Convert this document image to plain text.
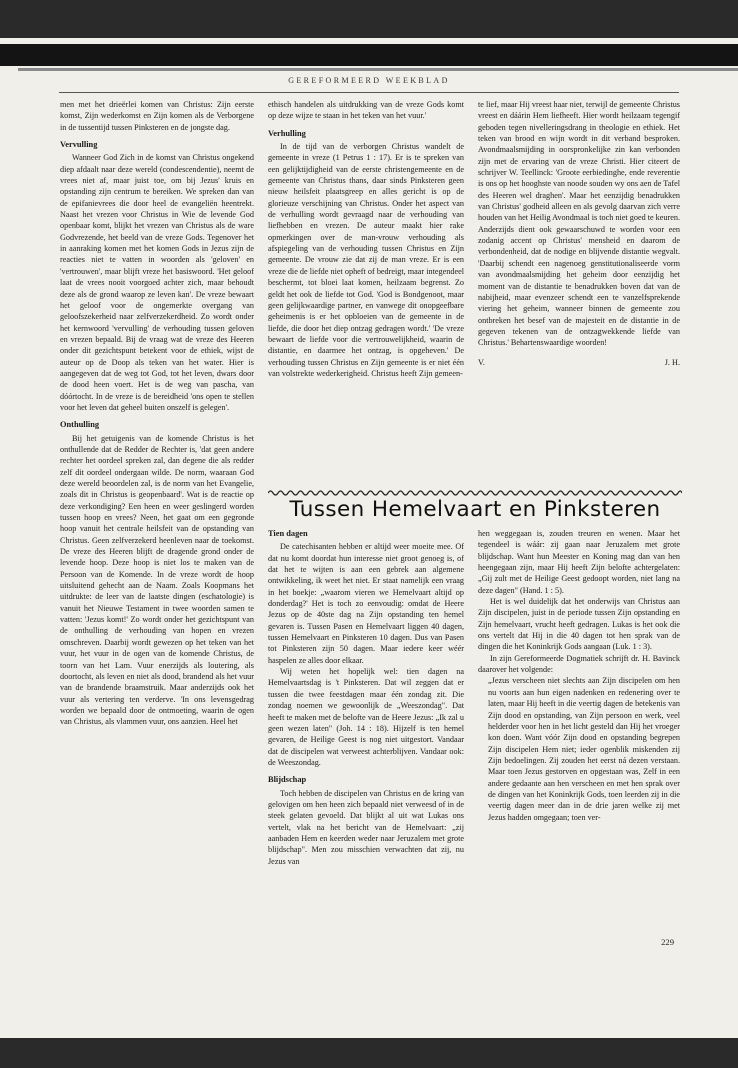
GEREFORMEERD WEEKBLAD

men met het drieërlei komen van Christus: Zijn eerste komst, Zijn wederkomst en Zijn komen als de Verborgene in de tussentijd tussen Pinksteren en de jongste dag.

Vervulling

Wanneer God Zich in de komst van Christus ongekend diep afdaalt naar deze wereld (condescendentie), neemt de vrees niet af, maar juist toe, om bij Jezus' kruis en opstanding zijn centrum te bereiken. We spreken dan van de epifanievrees die door heel de evangeliën heentrekt. Naast het vrezen voor Christus in Wie de levende God openbaar komt, blijkt het vrezen van Christus als de ware Godvrezende, het beeld van de vreze Gods. Tegenover het in aanraking komen met het komen Gods in Jezus zijn de reacties niet te vatten in woorden als 'geloven' en 'vertrouwen', maar blijft vreze het basiswoord. 'Het geloof laat de vrees nooit voorgoed achter zich, maar behoudt deze als de grond waarop ze leven kan'. De vreze bewaart het geloof voor de ongemerkte overgang van geloofszekerheid naar zelfverzekerdheid. Zo wordt onder het kernwoord 'vervulling' de verhouding tussen geloven en vrezen bepaald. Bij de vraag wat de vreze des Heeren onder dit gezichtspunt betekent voor de ethiek, wijst de auteur op de Doop als teken van het water. Hier is aangegeven dat de weg tot God, tot het leven, dwars door de dood heen voert. Het is de weg van pascha, van dóórtocht. In de vreze is de bereidheid 'ons open te stellen voor het leven dat geheel buiten onszelf is gelegen'.

Onthulling

Bij het getuigenis van de komende Christus is het onthullende dat de Redder de Rechter is, 'dat geen andere rechter het oordeel spreken zal, dan degene die als redder zelf dit oordeel ondergaan wilde. De norm, waaraan God deze wereld beoordelen zal, is de norm van het Evangelie, zoals dit in Christus is geopenbaard'. Wat is de reactie op deze verkondiging? Een heen en weer geslingerd worden tussen hoop en vrees? Neen, het gaat om een gegronde hoop vanuit het centrale heilsfeit van de opstanding van Christus. Geen zelfverzekerd heenleven naar de toekomst. De vreze des Heeren blijft de dragende grond onder de levende hoop. Deze hoop is niet los te maken van de Persoon van de Komende. In de vreze wordt de hoop uitsluitend gehecht aan de Naam. Zoals Koopmans het uitdrukte: de leer van de laatste dingen (eschatologie) is vanuit het Nieuwe Testament in twee woorden samen te vatten: 'Jezus komt!' Zo wordt onder het gezichtspunt van de onthulling de verhouding van hopen en vrezen omschreven. Daarbij wordt gewezen op het teken van het vuur, het vuur in de ogen van de komende Christus, de toorn van het Lam. Vuur enerzijds als loutering, als doortocht, als leven en niet als dood, brandend als het vuur van de brandende braamstruik. Maar anderzijds ook het vuur als vertering ten verderve. 'In ons levensgedrag worden we bepaald door de ontmoeting, waarin de ogen van Christus, als vlammen vuur, ons aanzien. Heel het

ethisch handelen als uitdrukking van de vreze Gods komt op deze wijze te staan in het teken van het vuur.'

Verhulling

In de tijd van de verborgen Christus wandelt de gemeente in vreze (1 Petrus 1 : 17). Er is te spreken van een gelijktijdigheid van de eerste christengemeente en de gemeente van Christus thans, daar sinds Pinksteren geen nieuw heilsfeit plaatsgreep en alles gericht is op de glorieuze verschijning van Christus. Onder het aspect van de verhulling wordt gevraagd naar de verhouding van liefhebben en vrezen. De auteur maakt hier rake opmerkingen over de man-vrouw verhouding als afspiegeling van de verhouding tussen Christus en Zijn gemeente. De vrouw zie dat zij de man vreze. Er is een vreze die de liefde niet opheft of bedreigt, maar integendeel beschermt, tot bloei laat komen, heilzaam begrenst. Zo geldt het ook de liefde tot God. 'God is Bondgenoot, maar geen gelijkwaardige partner, en vanwege dit onopgeefbare geheimenis is er het opbloeien van de gemeente in de liefde, die door het diep ontzag gedragen wordt.' 'De vreze bewaart de liefde voor die vertrouwelijkheid, waarin de distantie, en daarmee het ontzag, is opgeheven.' De verhouding tussen Christus en Zijn gemeente is er niet één van volstrekte wederkerigheid. Christus heeft Zijn gemeen-

te lief, maar Hij vreest haar niet, terwijl de gemeente Christus vreest en dáárin Hem liefheeft. Hier wordt heilzaam tegengif geboden tegen nivelleringsdrang in theologie en ethiek. Het teken van brood en wijn wordt in dit verband besproken. Avondmaalsmijding in oorspronkelijke zin kan verbonden zijn met de ervaring van de vreze Christi. Hier citeert de schrijver W. Teellinck: 'Groote eerbiedinghe, ende reverentie is ons op het hooghste van noode souden wy ons aen de Tafel des Heeren wel draghen'. Maar het eenzijdig benadrukken van Christus' godheid alleen en als gevolg daarvan zich verre houden van het Heilig Avondmaal is toch niet goed te keuren. Anderzijds dient ook gewaarschuwd te worden voor een zodanig accent op Christus' mensheid en daarom de verbondenheid, dat de nodige en blijvende distantie wegvalt. 'Daarbij schendt een nagenoeg genstitutionaliseerde vorm van avondmaalsmijding het geheim door eenzijdig het moment van de distantie te benadrukken boven dat van de nabijheid, maar evenzeer schendt een te vanzelfsprekende viering het geheim, wanneer binnen de gemeente zou ontbreken het besef van de majesteit en de distantie in de gegeven tekenen van de ontzagwekkende liefde van Christus.' Behartenswaardige woorden!

V.	J. H.
Tussen Hemelvaart en Pinksteren
Tien dagen

De catechisanten hebben er altijd weer moeite mee. Of dat nu komt doordat hun interesse niet groot genoeg is, of dat het te wijten is aan een gebrek aan algemene ontwikkeling, ik weet het niet. Er staat namelijk een vraag in het boekje: „waarom vieren we Hemelvaart altijd op donderdag?' Het is toch zo eenvoudig: omdat de Heere Jezus op de 40ste dag na Zijn opstanding ten hemel gevaren is. Tussen Pasen en Hemelvaart liggen 40 dagen, tussen Hemelvaart en Pinksteren 10 dagen. Dus van Pasen tot Pinksteren zijn 50 dagen. Maar iedere keer wéér haspelen ze alles door elkaar.

Wij weten het hopelijk wel: tien dagen na Hemelvaartsdag is 't Pinksteren. Dat wil zeggen dat er tussen die twee feestdagen maar één zondag zit. Die zondag noemen we gewoonlijk de „Weeszondag". Dat heeft te maken met de belofte van de Heere Jezus: „Ik zal u geen wezen laten" (Joh. 14 : 18). Hijzelf is ten hemel gevaren, de Heilige Geest is nog niet uitgestort. Vandaar dat de discipelen wat verweest achterblijven. Vandaar ook: de Weeszondag.

Blijdschap

Toch hebben de discipelen van Christus en de kring van gelovigen om hen heen zich bepaald niet verweesd of in de steek gelaten gevoeld. Dat blijkt al uit wat Lukas ons vertelt, vlak na het bericht van de Hemelvaart: „zij aanbaden Hem en keerden weder naar Jeruzalem met grote blijdschap". Men zou misschien verwachten dat zij, nu Jezus van

hen weggegaan is, zouden treuren en wenen. Maar het tegendeel is wáár: zij gaan naar Jeruzalem met grote blijdschap. Want hun Meester en Koning mag dan van hen heengegaan zijn, maar Hij heeft Zijn belofte achtergelaten: „Gij zult met de Heilige Geest gedoopt worden, niet lang na deze dagen" (Hand. 1 : 5).

Het is wel duidelijk dat het onderwijs van Christus aan Zijn discipelen, juist in de periode tussen Zijn opstanding en Zijn hemelvaart, vrucht heeft gedragen. Lukas is het ook die ons vertelt dat Hij in die 40 dagen tot hen sprak van de dingen die het Koninkrijk Gods aangaan (Luk. 1 : 3).

In zijn Gereformeerde Dogmatiek schrijft dr. H. Bavinck daarover het volgende:

„Jezus verscheen niet slechts aan Zijn discipelen om hen nu voorts aan hun eigen nadenken en redenering over te laten, maar Hij heeft in die veertig dagen de betekenis van Zijn dood en opstanding, van Zijn persoon en werk, veel helderder voor hen in het licht gesteld dan Hij het vroeger kon doen. Want vóór Zijn dood en opstanding begrepen Zijn discipelen Hem niet; ieder ogenblik miskenden zij Zijn bedoelingen. Zij zouden het eerst ná dezen verstaan. Maar toen Jezus gestorven en opgestaan was, Zelf in een andere gedaante aan hen verscheen en met hen sprak over de dingen van het Koninkrijk Gods, toen leerden zij in die veertig dagen meer dan in de drie jaren welke zij met Jezus hadden omgegaan; toen ver-

229
